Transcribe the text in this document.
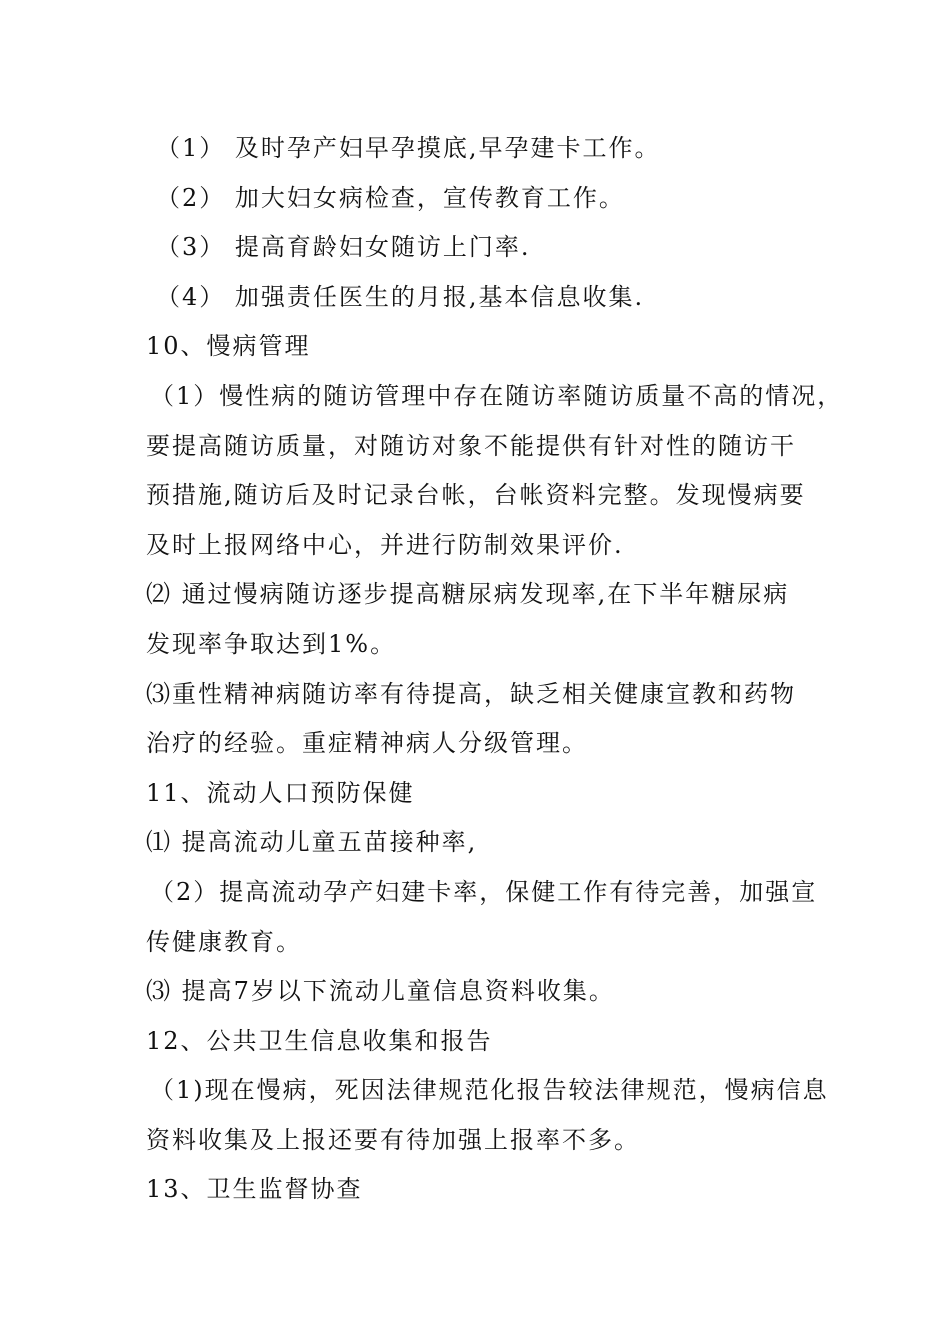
（1） 及时孕产妇早孕摸底,早孕建卡工作。
（2） 加大妇女病检查，宣传教育工作。
（3） 提高育龄妇女随访上门率.
（4） 加强责任医生的月报,基本信息收集.
10、慢病管理
（1）慢性病的随访管理中存在随访率随访质量不高的情况，
要提高随访质量，对随访对象不能提供有针对性的随访干
预措施,随访后及时记录台帐，台帐资料完整。发现慢病要
及时上报网络中心，并进行防制效果评价.
⑵ 通过慢病随访逐步提高糖尿病发现率,在下半年糖尿病
发现率争取达到1%。
⑶重性精神病随访率有待提高，缺乏相关健康宣教和药物
治疗的经验。重症精神病人分级管理。
11、流动人口预防保健
⑴ 提高流动儿童五苗接种率,
（2）提高流动孕产妇建卡率，保健工作有待完善，加强宣
传健康教育。
⑶ 提高7岁以下流动儿童信息资料收集。
12、公共卫生信息收集和报告
（1)现在慢病，死因法律规范化报告较法律规范，慢病信息
资料收集及上报还要有待加强上报率不多。
13、卫生监督协查
